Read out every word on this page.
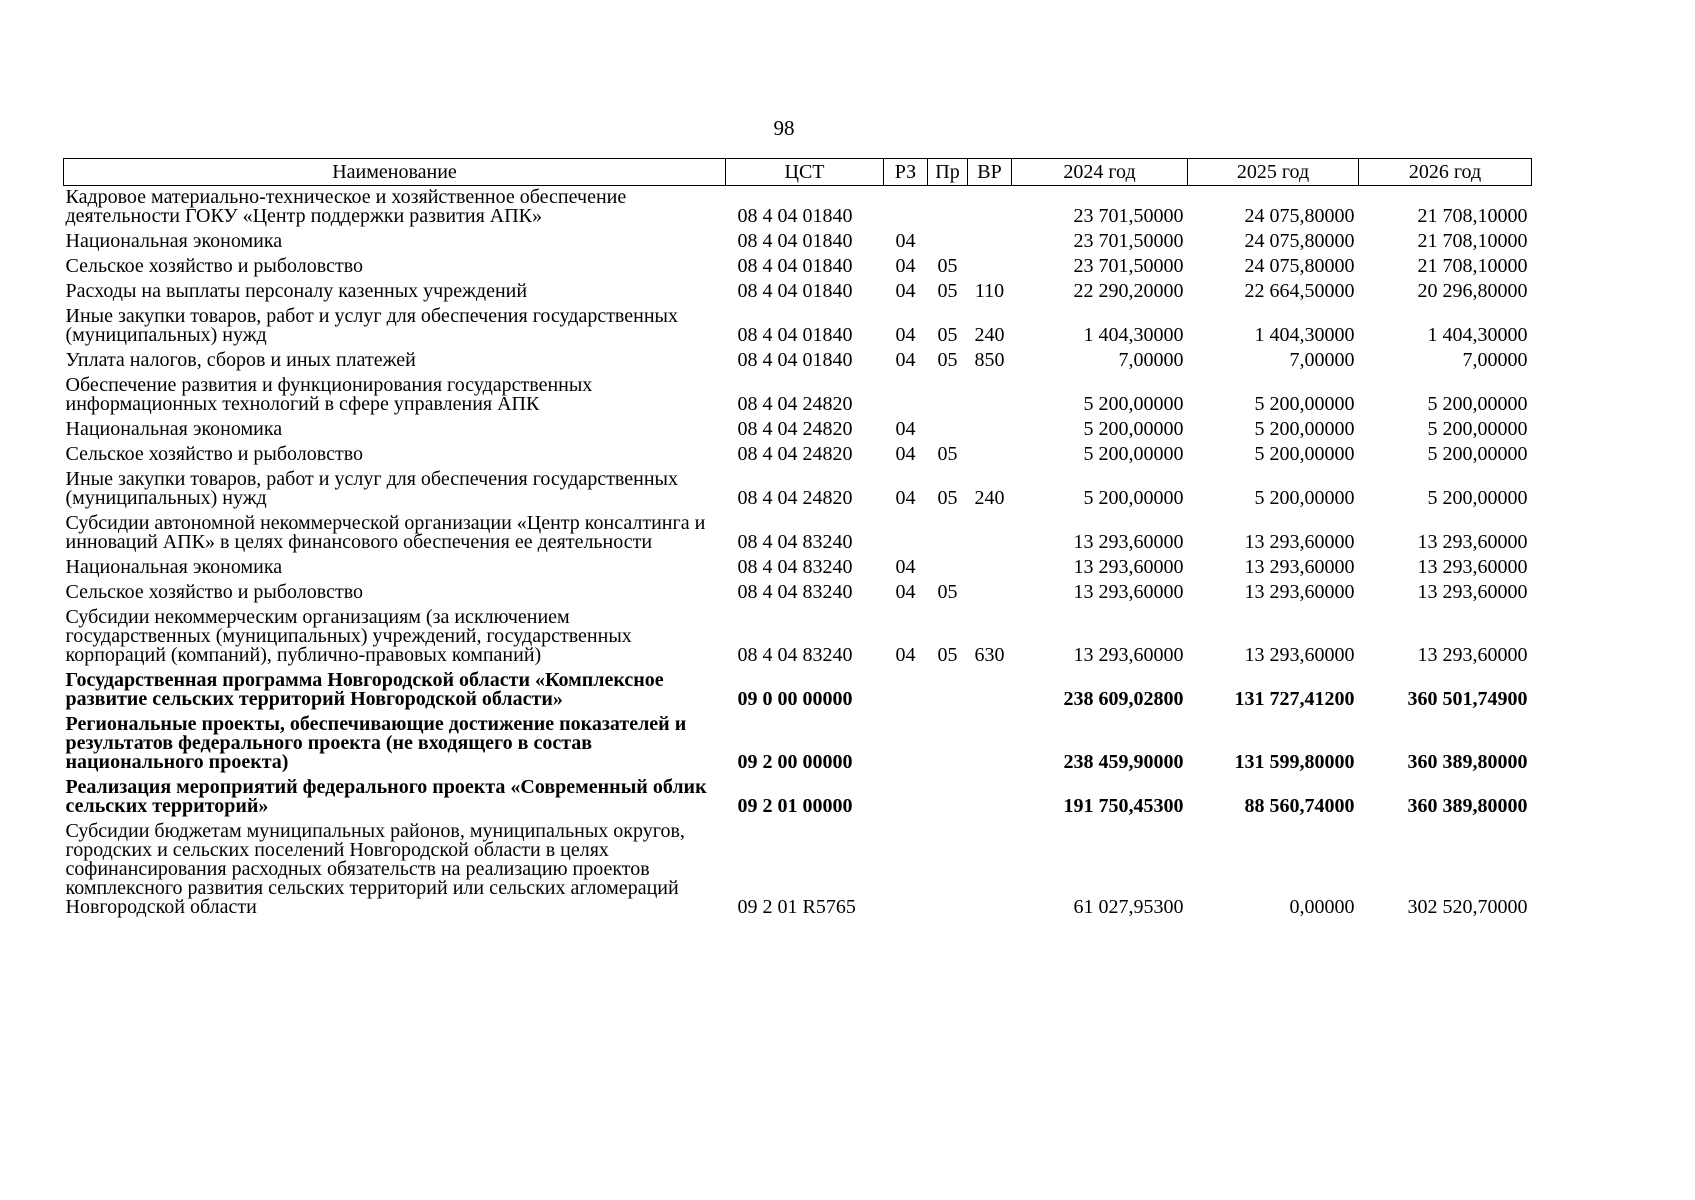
98
Наименование	ЦСТ	РЗ	Пр	ВР	2024 год	2025 год	2026 год
Кадровое материально-техническое и хозяйственное обеспечение деятельности ГОКУ «Центр поддержки развития АПК»	08 4 04 01840				23 701,50000	24 075,80000	21 708,10000
Национальная экономика	08 4 04 01840	04			23 701,50000	24 075,80000	21 708,10000
Сельское хозяйство и рыболовство	08 4 04 01840	04	05		23 701,50000	24 075,80000	21 708,10000
Расходы на выплаты персоналу казенных учреждений	08 4 04 01840	04	05	110	22 290,20000	22 664,50000	20 296,80000
Иные закупки товаров, работ и услуг для обеспечения государственных (муниципальных) нужд	08 4 04 01840	04	05	240	1 404,30000	1 404,30000	1 404,30000
Уплата налогов, сборов и иных платежей	08 4 04 01840	04	05	850	7,00000	7,00000	7,00000
Обеспечение развития и функционирования государственных информационных технологий в сфере управления АПК	08 4 04 24820				5 200,00000	5 200,00000	5 200,00000
Национальная экономика	08 4 04 24820	04			5 200,00000	5 200,00000	5 200,00000
Сельское хозяйство и рыболовство	08 4 04 24820	04	05		5 200,00000	5 200,00000	5 200,00000
Иные закупки товаров, работ и услуг для обеспечения государственных (муниципальных) нужд	08 4 04 24820	04	05	240	5 200,00000	5 200,00000	5 200,00000
Субсидии автономной некоммерческой организации «Центр консалтинга и инноваций АПК» в целях финансового обеспечения ее деятельности	08 4 04 83240				13 293,60000	13 293,60000	13 293,60000
Национальная экономика	08 4 04 83240	04			13 293,60000	13 293,60000	13 293,60000
Сельское хозяйство и рыболовство	08 4 04 83240	04	05		13 293,60000	13 293,60000	13 293,60000
Субсидии некоммерческим организациям (за исключением государственных (муниципальных) учреждений, государственных корпораций (компаний), публично-правовых компаний)	08 4 04 83240	04	05	630	13 293,60000	13 293,60000	13 293,60000
Государственная программа Новгородской области «Комплексное развитие сельских территорий Новгородской области»	09 0 00 00000				238 609,02800	131 727,41200	360 501,74900
Региональные проекты, обеспечивающие достижение показателей и результатов федерального проекта (не входящего в состав национального проекта)	09 2 00 00000				238 459,90000	131 599,80000	360 389,80000
Реализация мероприятий федерального проекта «Современный облик сельских территорий»	09 2 01 00000				191 750,45300	88 560,74000	360 389,80000
Субсидии бюджетам муниципальных районов, муниципальных округов, городских и сельских поселений Новгородской области в целях софинансирования расходных обязательств на реализацию проектов комплексного развития сельских территорий или сельских агломераций Новгородской области	09 2 01 R5765				61 027,95300	0,00000	302 520,70000
